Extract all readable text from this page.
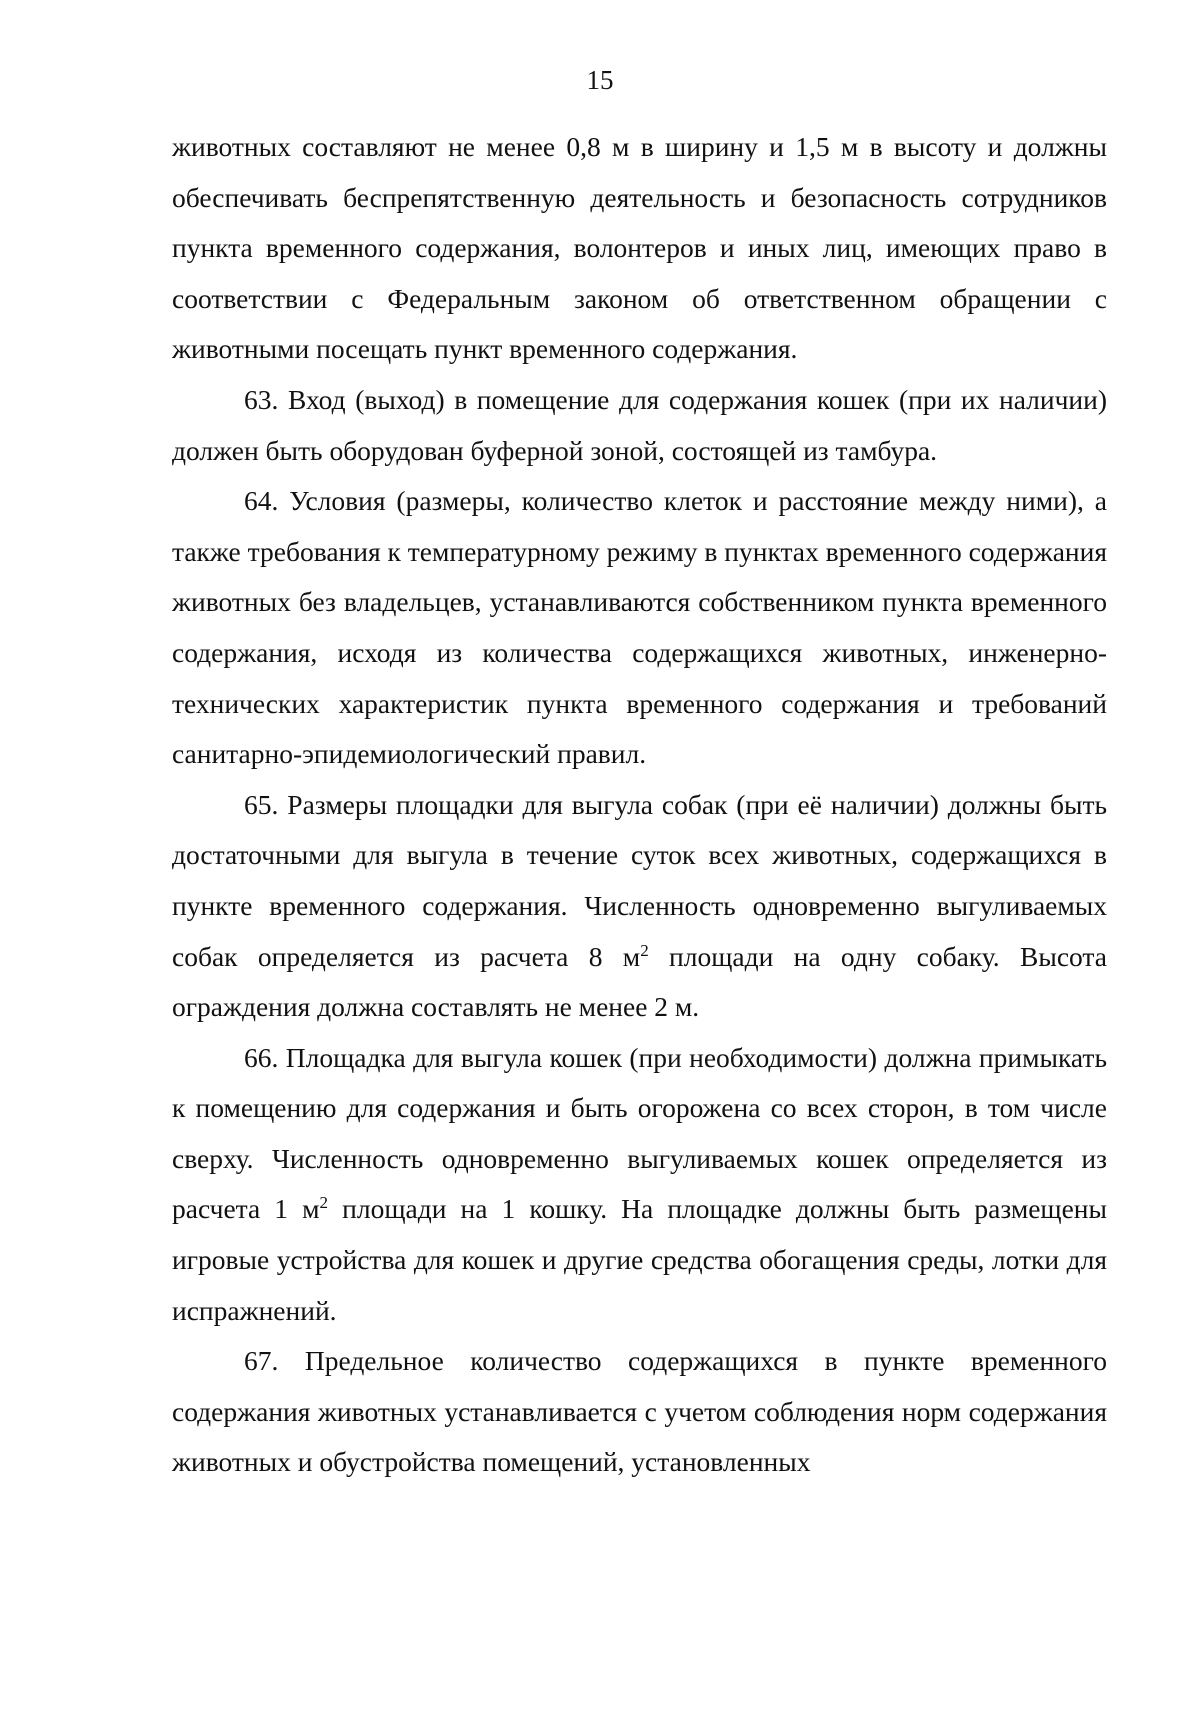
15

животных составляют не менее 0,8 м в ширину и 1,5 м в высоту и должны обеспечивать беспрепятственную деятельность и безопасность сотрудников пункта временного содержания, волонтеров и иных лиц, имеющих право в соответствии с Федеральным законом об ответственном обращении с животными посещать пункт временного содержания.

63. Вход (выход) в помещение для содержания кошек (при их наличии) должен быть оборудован буферной зоной, состоящей из тамбура.

64. Условия (размеры, количество клеток и расстояние между ними), а также требования к температурному режиму в пунктах временного содержания животных без владельцев, устанавливаются собственником пункта временного содержания, исходя из количества содержащихся животных, инженерно-технических характеристик пункта временного содержания и требований санитарно-эпидемиологический правил.

65. Размеры площадки для выгула собак (при её наличии) должны быть достаточными для выгула в течение суток всех животных, содержащихся в пункте временного содержания. Численность одновременно выгуливаемых собак определяется из расчета 8 $м^2$ площади на одну собаку. Высота ограждения должна составлять не менее 2 м.

66. Площадка для выгула кошек (при необходимости) должна примыкать к помещению для содержания и быть огорожена со всех сторон, в том числе сверху. Численность одновременно выгуливаемых кошек определяется из расчета 1 $м^2$ площади на 1 кошку. На площадке должны быть размещены игровые устройства для кошек и другие средства обогащения среды, лотки для испражнений.

67. Предельное количество содержащихся в пункте временного содержания животных устанавливается с учетом соблюдения норм содержания животных и обустройства помещений, установленных
